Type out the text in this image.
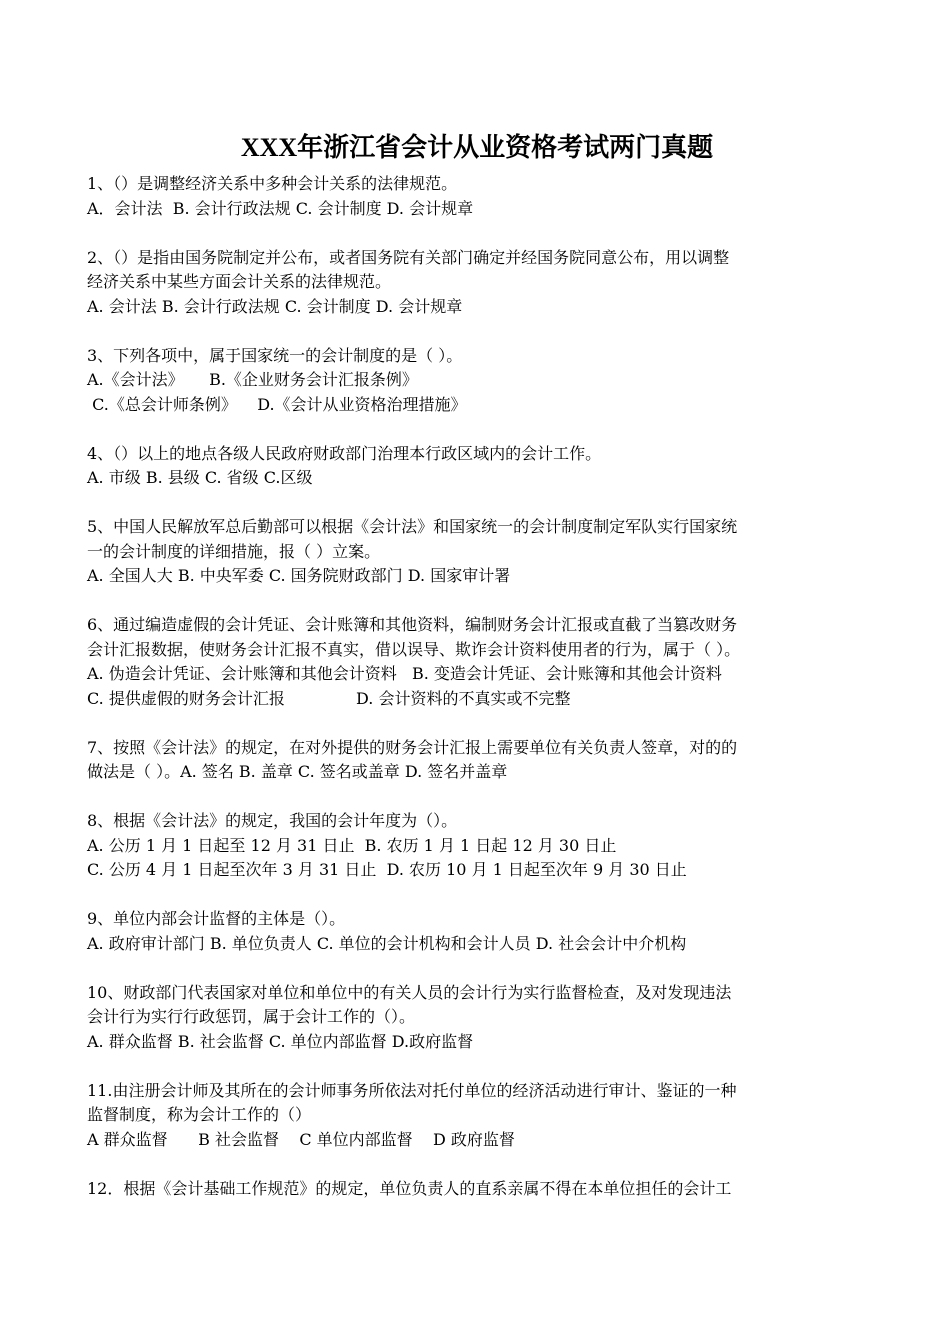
XXX年浙江省会计从业资格考试两门真题
1、（）是调整经济关系中多种会计关系的法律规范。
A．会计法  B. 会计行政法规 C. 会计制度 D. 会计规章
2、（）是指由国务院制定并公布，或者国务院有关部门确定并经国务院同意公布，用以调整
经济关系中某些方面会计关系的法律规范。
A. 会计法 B. 会计行政法规 C. 会计制度 D. 会计规章
3、下列各项中，属于国家统一的会计制度的是（ ）。
A.《会计法》     B.《企业财务会计汇报条例》
C.《总会计师条例》    D.《会计从业资格治理措施》
4、（）以上的地点各级人民政府财政部门治理本行政区域内的会计工作。
A. 市级 B. 县级 C. 省级 C.区级
5、中国人民解放军总后勤部可以根据《会计法》和国家统一的会计制度制定军队实行国家统
一的会计制度的详细措施，报（ ）立案。
A. 全国人大 B. 中央军委 C. 国务院财政部门 D. 国家审计署
6、通过编造虚假的会计凭证、会计账簿和其他资料，编制财务会计汇报或直截了当篡改财务
会计汇报数据，使财务会计汇报不真实，借以误导、欺诈会计资料使用者的行为，属于（ ）。
A. 伪造会计凭证、会计账簿和其他会计资料   B. 变造会计凭证、会计账簿和其他会计资料
C. 提供虚假的财务会计汇报              D. 会计资料的不真实或不完整
7、按照《会计法》的规定，在对外提供的财务会计汇报上需要单位有关负责人签章，对的的
做法是（ ）。A. 签名 B. 盖章 C. 签名或盖章 D. 签名并盖章
8、根据《会计法》的规定，我国的会计年度为（）。
A. 公历 1 月 1 日起至 12 月 31 日止  B. 农历 1 月 1 日起 12 月 30 日止
C. 公历 4 月 1 日起至次年 3 月 31 日止  D. 农历 10 月 1 日起至次年 9 月 30 日止
9、单位内部会计监督的主体是（）。
A. 政府审计部门 B. 单位负责人 C. 单位的会计机构和会计人员 D. 社会会计中介机构
10、财政部门代表国家对单位和单位中的有关人员的会计行为实行监督检查，及对发现违法
会计行为实行行政惩罚，属于会计工作的（）。
A. 群众监督 B. 社会监督 C. 单位内部监督 D.政府监督
11.由注册会计师及其所在的会计师事务所依法对托付单位的经济活动进行审计、鉴证的一种
监督制度，称为会计工作的（）
A 群众监督      B 社会监督    C 单位内部监督    D 政府监督
12．根据《会计基础工作规范》的规定，单位负责人的直系亲属不得在本单位担任的会计工
